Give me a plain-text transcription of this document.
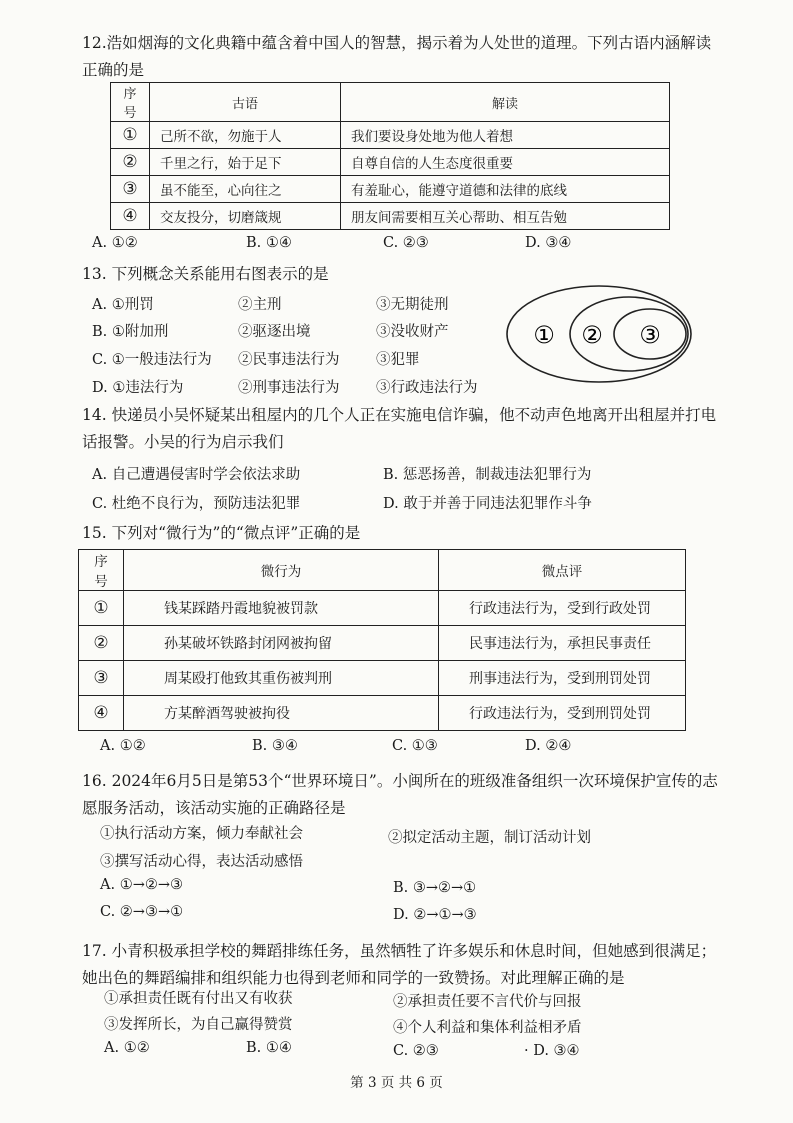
12.浩如烟海的文化典籍中蕴含着中国人的智慧，揭示着为人处世的道理。下列古语内涵解读正确的是
序号	古语	解读
①	己所不欲，勿施于人	我们要设身处地为他人着想
②	千里之行，始于足下	自尊自信的人生态度很重要
③	虽不能至，心向往之	有羞耻心，能遵守道德和法律的底线
④	交友投分，切磨箴规	朋友间需要相互关心帮助、相互告勉
A. ①②	B. ①④	C. ②③	D. ③④
13. 下列概念关系能用右图表示的是
A. ①刑罚	②主刑	③无期徒刑
B. ①附加刑	②驱逐出境	③没收财产
C. ①一般违法行为 ②民事违法行为	③犯罪
D. ①违法行为	②刑事违法行为	③行政违法行为
① ② ③
14. 快递员小吴怀疑某出租屋内的几个人正在实施电信诈骗，他不动声色地离开出租屋并打电话报警。小吴的行为启示我们
A. 自己遭遇侵害时学会依法求助	B. 惩恶扬善，制裁违法犯罪行为
C. 杜绝不良行为，预防违法犯罪	D. 敢于并善于同违法犯罪作斗争
15. 下列对“微行为”的“微点评”正确的是
序号	微行为	微点评
①	钱某踩踏丹霞地貌被罚款	行政违法行为，受到行政处罚
②	孙某破坏铁路封闭网被拘留	民事违法行为，承担民事责任
③	周某殴打他致其重伤被判刑	刑事违法行为，受到刑罚处罚
④	方某醉酒驾驶被拘役	行政违法行为，受到刑罚处罚
A. ①②	B. ③④	C. ①③	D. ②④
16. 2024年6月5日是第53个“世界环境日”。小闽所在的班级准备组织一次环境保护宣传的志愿服务活动，该活动实施的正确路径是
①执行活动方案，倾力奉献社会	②拟定活动主题，制订活动计划
③撰写活动心得，表达活动感悟
A. ①→②→③	B. ③→②→①
C. ②→③→①	D. ②→①→③
17. 小青积极承担学校的舞蹈排练任务，虽然牺牲了许多娱乐和休息时间，但她感到很满足；她出色的舞蹈编排和组织能力也得到老师和同学的一致赞扬。对此理解正确的是
①承担责任既有付出又有收获	②承担责任要不言代价与回报
③发挥所长，为自己赢得赞赏	④个人利益和集体利益相矛盾
A. ①②	B. ①④	C. ②③	· D. ③④
第 3 页 共 6 页
